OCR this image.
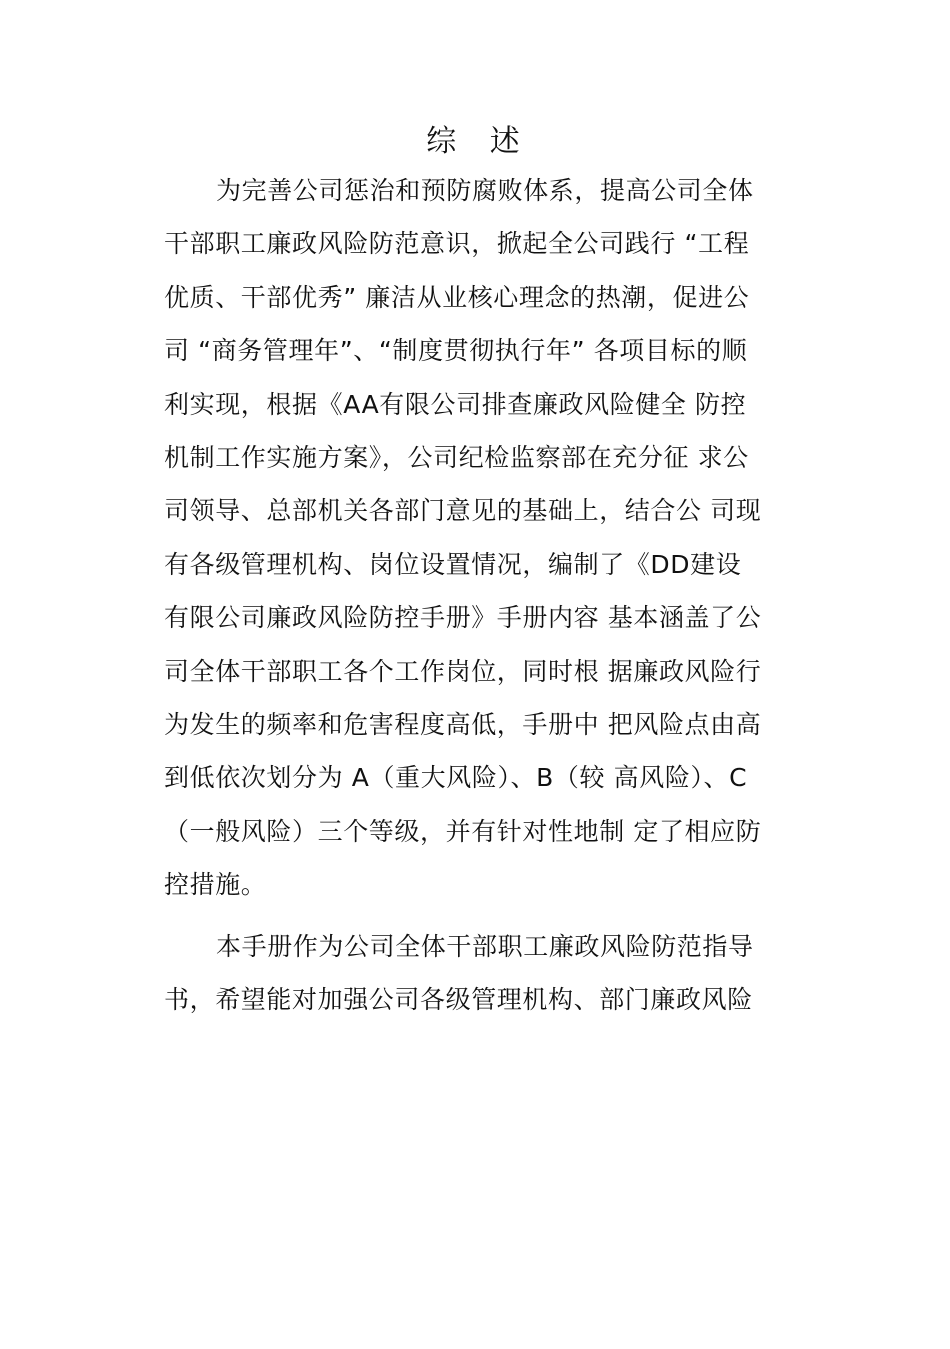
综 述
为完善公司惩治和预防腐败体系，提高公司全体
干部职工廉政风险防范意识，掀起全公司践行 “工程
优质、干部优秀” 廉洁从业核心理念的热潮，促进公
司 “商务管理年”、“制度贯彻执行年” 各项目标的顺
利实现，根据《AA有限公司排查廉政风险健全 防控
机制工作实施方案》，公司纪检监察部在充分征 求公
司领导、总部机关各部门意见的基础上，结合公 司现
有各级管理机构、岗位设置情况，编制了《DD建设
有限公司廉政风险防控手册》手册内容 基本涵盖了公
司全体干部职工各个工作岗位，同时根 据廉政风险行
为发生的频率和危害程度高低，手册中 把风险点由高
到低依次划分为 A（重大风险）、B（较 高风险）、C
（一般风险）三个等级，并有针对性地制 定了相应防
控措施。
本手册作为公司全体干部职工廉政风险防范指导
书，希望能对加强公司各级管理机构、部门廉政风险
